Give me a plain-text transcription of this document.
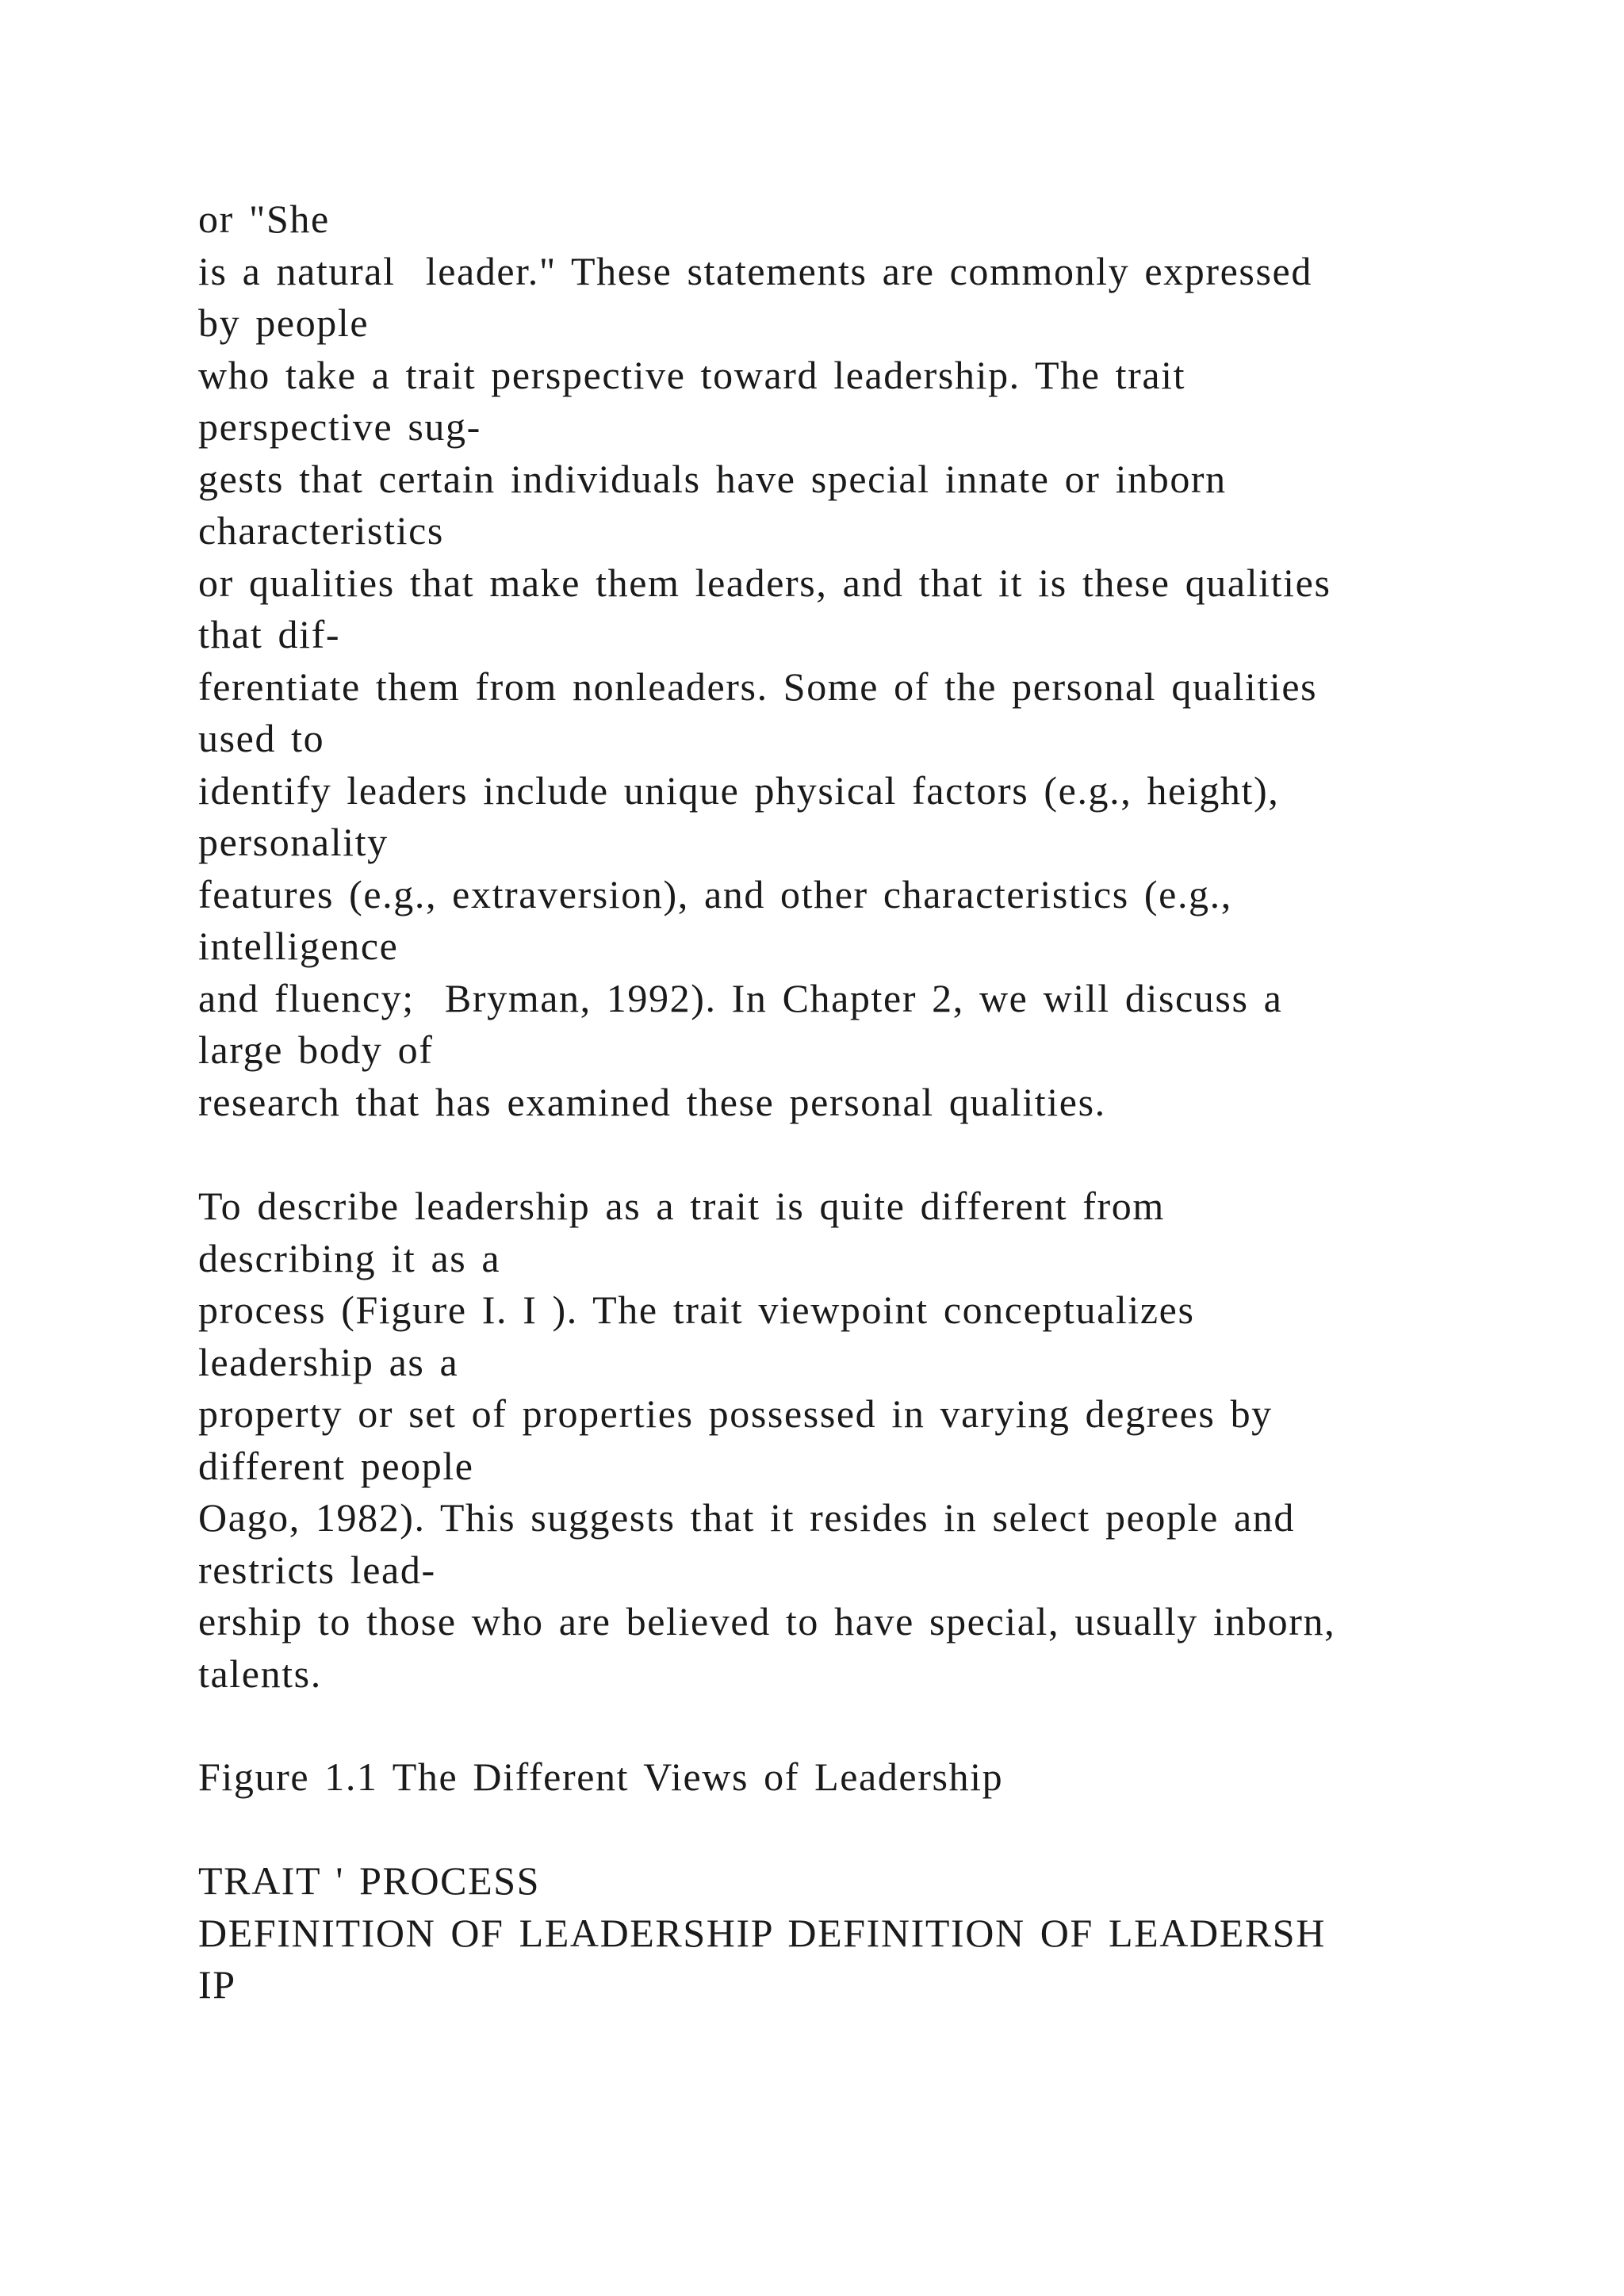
or "She
is a natural  leader." These statements are commonly expressed
by people
who take a trait perspective toward leadership. The trait
perspective sug-
gests that certain individuals have special innate or inborn
characteristics
or qualities that make them leaders, and that it is these qualities
that dif-
ferentiate them from nonleaders. Some of the personal qualities
used to
identify leaders include unique physical factors (e.g., height),
personality
features (e.g., extraversion), and other characteristics (e.g.,
intelligence
and fluency;  Bryman, 1992). In Chapter 2, we will discuss a
large body of
research that has examined these personal qualities.
To describe leadership as a trait is quite different from
describing it as a
process (Figure I. I ). The trait viewpoint conceptualizes
leadership as a
property or set of properties possessed in varying degrees by
different people
Oago, 1982). This suggests that it resides in select people and
restricts lead-
ership to those who are believed to have special, usually inborn,
talents.
Figure 1.1 The Different Views of Leadership
TRAIT ' PROCESS
DEFINITION OF LEADERSHIP DEFINITION OF LEADERSH
IP
